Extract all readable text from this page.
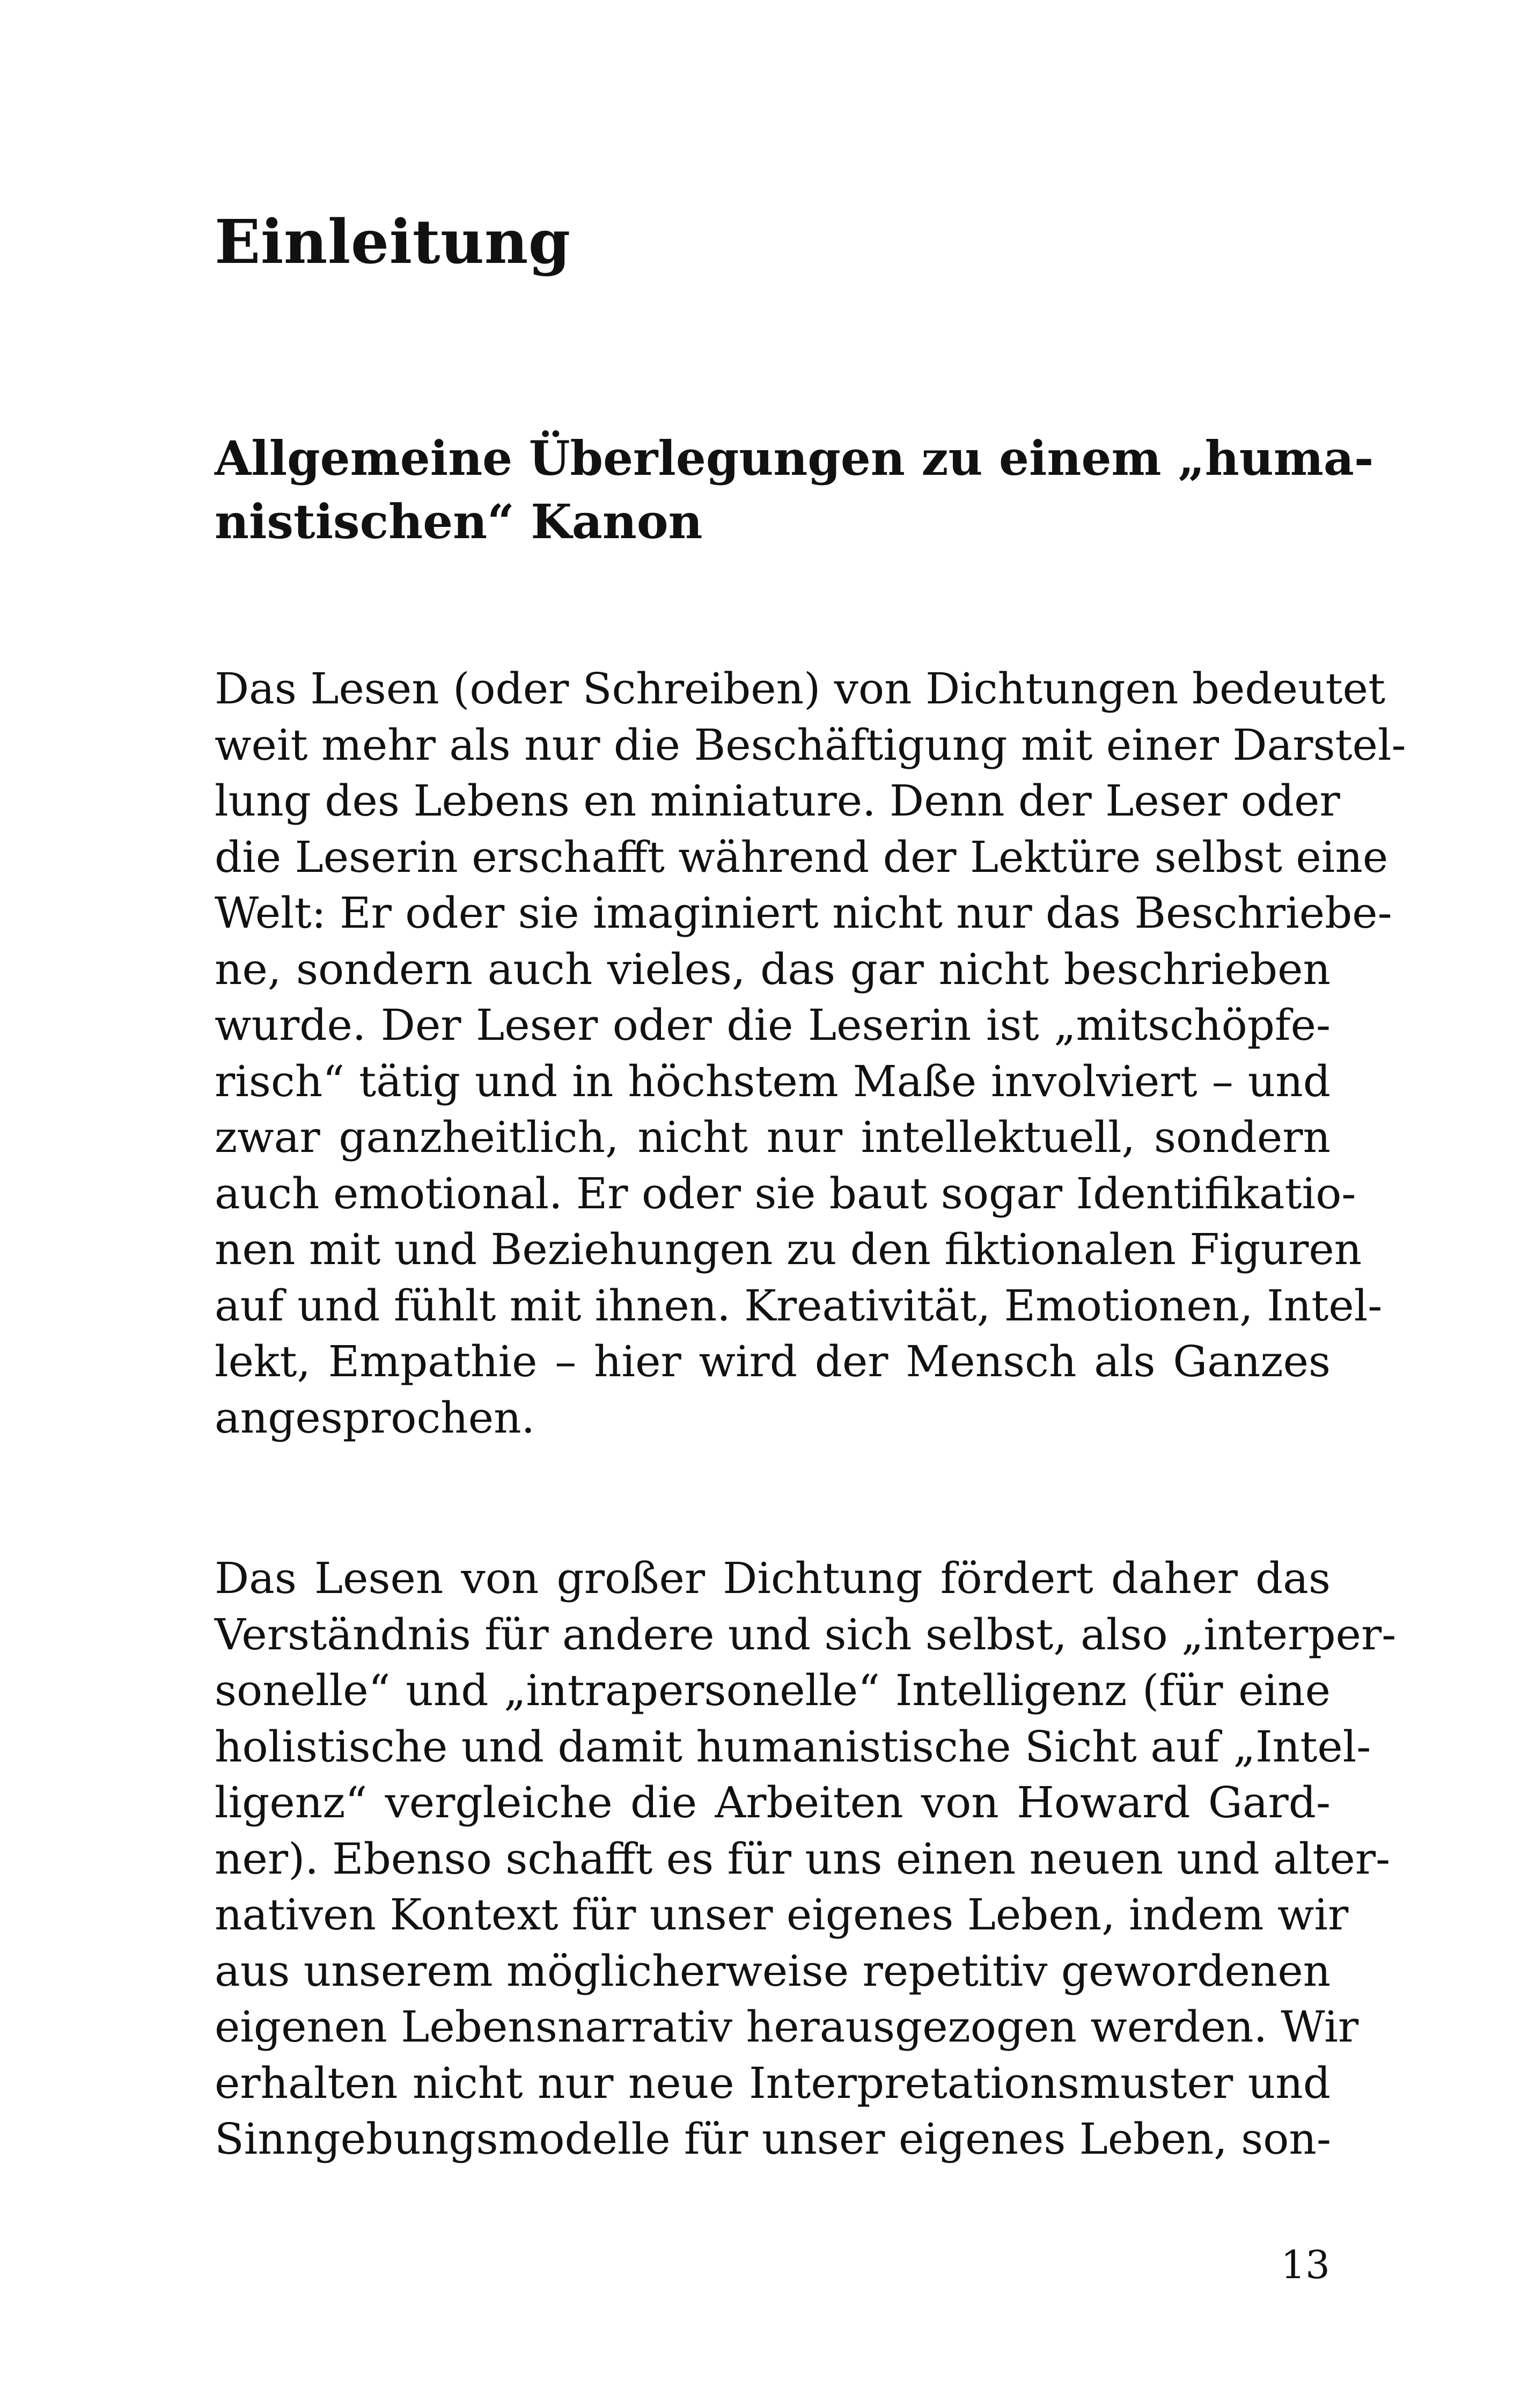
Einleitung
Allgemeine Überlegungen zu einem „huma-
nistischen“ Kanon
Das Lesen (oder Schreiben) von Dichtungen bedeutet
weit mehr als nur die Beschäftigung mit einer Darstel-
lung des Lebens en miniature. Denn der Leser oder
die Leserin erschafft während der Lektüre selbst eine
Welt: Er oder sie imaginiert nicht nur das Beschriebe-
ne, sondern auch vieles, das gar nicht beschrieben
wurde. Der Leser oder die Leserin ist „mitschöpfe-
risch“ tätig und in höchstem Maße involviert – und
zwar ganzheitlich, nicht nur intellektuell, sondern
auch emotional. Er oder sie baut sogar Identifikatio-
nen mit und Beziehungen zu den fiktionalen Figuren
auf und fühlt mit ihnen. Kreativität, Emotionen, Intel-
lekt, Empathie – hier wird der Mensch als Ganzes
angesprochen.
Das Lesen von großer Dichtung fördert daher das
Verständnis für andere und sich selbst, also „interper-
sonelle“ und „intrapersonelle“ Intelligenz (für eine
holistische und damit humanistische Sicht auf „Intel-
ligenz“ vergleiche die Arbeiten von Howard Gard-
ner). Ebenso schafft es für uns einen neuen und alter-
nativen Kontext für unser eigenes Leben, indem wir
aus unserem möglicherweise repetitiv gewordenen
eigenen Lebensnarrativ herausgezogen werden. Wir
erhalten nicht nur neue Interpretationsmuster und
Sinngebungsmodelle für unser eigenes Leben, son-
13
